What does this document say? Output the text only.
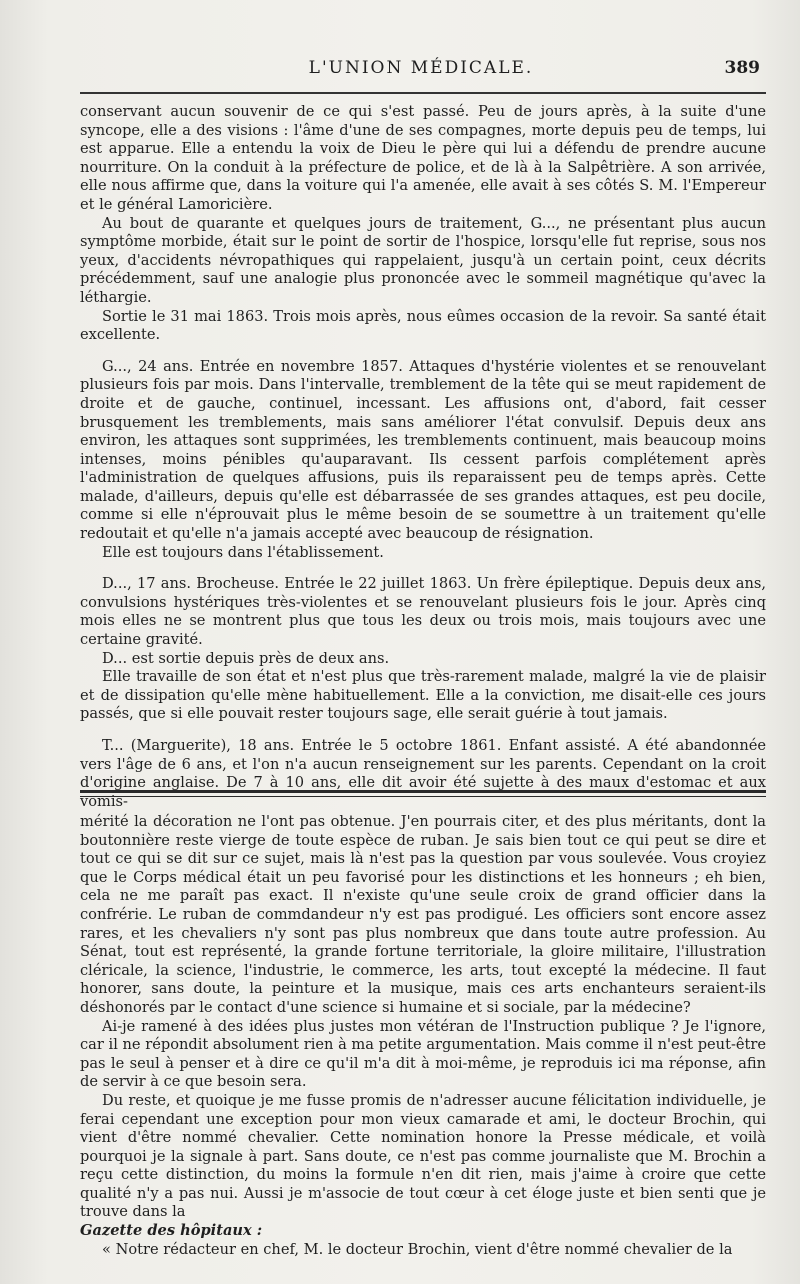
L'UNION MÉDICALE.	389

conservant aucun souvenir de ce qui s'est passé. Peu de jours après, à la suite d'une syncope, elle a des visions : l'âme d'une de ses compagnes, morte depuis peu de temps, lui est apparue. Elle a entendu la voix de Dieu le père qui lui a défendu de prendre aucune nourriture. On la conduit à la préfecture de police, et de là à la Salpêtrière. A son arrivée, elle nous affirme que, dans la voiture qui l'a amenée, elle avait à ses côtés S. M. l'Empereur et le général Lamoricière.

Au bout de quarante et quelques jours de traitement, G..., ne présentant plus aucun symptôme morbide, était sur le point de sortir de l'hospice, lorsqu'elle fut reprise, sous nos yeux, d'accidents névropathiques qui rappelaient, jusqu'à un certain point, ceux décrits précédemment, sauf une analogie plus prononcée avec le sommeil magnétique qu'avec la léthargie.

Sortie le 31 mai 1863. Trois mois après, nous eûmes occasion de la revoir. Sa santé était excellente.

G..., 24 ans. Entrée en novembre 1857. Attaques d'hystérie violentes et se renouvelant plusieurs fois par mois. Dans l'intervalle, tremblement de la tête qui se meut rapidement de droite et de gauche, continuel, incessant. Les affusions ont, d'abord, fait cesser brusquement les tremblements, mais sans améliorer l'état convulsif. Depuis deux ans environ, les attaques sont supprimées, les tremblements continuent, mais beaucoup moins intenses, moins pénibles qu'auparavant. Ils cessent parfois complétement après l'administration de quelques affusions, puis ils reparaissent peu de temps après. Cette malade, d'ailleurs, depuis qu'elle est débarrassée de ses grandes attaques, est peu docile, comme si elle n'éprouvait plus le même besoin de se soumettre à un traitement qu'elle redoutait et qu'elle n'a jamais accepté avec beaucoup de résignation.

Elle est toujours dans l'établissement.

D..., 17 ans. Brocheuse. Entrée le 22 juillet 1863. Un frère épileptique. Depuis deux ans, convulsions hystériques très-violentes et se renouvelant plusieurs fois le jour. Après cinq mois elles ne se montrent plus que tous les deux ou trois mois, mais toujours avec une certaine gravité.

D... est sortie depuis près de deux ans.

Elle travaille de son état et n'est plus que très-rarement malade, malgré la vie de plaisir et de dissipation qu'elle mène habituellement. Elle a la conviction, me disait-elle ces jours passés, que si elle pouvait rester toujours sage, elle serait guérie à tout jamais.

T... (Marguerite), 18 ans. Entrée le 5 octobre 1861. Enfant assisté. A été abandonnée vers l'âge de 6 ans, et l'on n'a aucun renseignement sur les parents. Cependant on la croit d'origine anglaise. De 7 à 10 ans, elle dit avoir été sujette à des maux d'estomac et aux vomis-

mérité la décoration ne l'ont pas obtenue. J'en pourrais citer, et des plus méritants, dont la boutonnière reste vierge de toute espèce de ruban. Je sais bien tout ce qui peut se dire et tout ce qui se dit sur ce sujet, mais là n'est pas la question par vous soulevée. Vous croyiez que le Corps médical était un peu favorisé pour les distinctions et les honneurs ; eh bien, cela ne me paraît pas exact. Il n'existe qu'une seule croix de grand officier dans la confrérie. Le ruban de commdandeur n'y est pas prodigué. Les officiers sont encore assez rares, et les chevaliers n'y sont pas plus nombreux que dans toute autre profession. Au Sénat, tout est représenté, la grande fortune territoriale, la gloire militaire, l'illustration cléricale, la science, l'industrie, le commerce, les arts, tout excepté la médecine. Il faut honorer, sans doute, la peinture et la musique, mais ces arts enchanteurs seraient-ils déshonorés par le contact d'une science si humaine et si sociale, par la médecine?

Ai-je ramené à des idées plus justes mon vétéran de l'Instruction publique ? Je l'ignore, car il ne répondit absolument rien à ma petite argumentation. Mais comme il n'est peut-être pas le seul à penser et à dire ce qu'il m'a dit à moi-même, je reproduis ici ma réponse, afin de servir à ce que besoin sera.

Du reste, et quoique je me fusse promis de n'adresser aucune félicitation individuelle, je ferai cependant une exception pour mon vieux camarade et ami, le docteur Brochin, qui vient d'être nommé chevalier. Cette nomination honore la Presse médicale, et voilà pourquoi je la signale à part. Sans doute, ce n'est pas comme journaliste que M. Brochin a reçu cette distinction, du moins la formule n'en dit rien, mais j'aime à croire que cette qualité n'y a pas nui. Aussi je m'associe de tout cœur à cet éloge juste et bien senti que je trouve dans la

Gazette des hôpitaux :

« Notre rédacteur en chef, M. le docteur Brochin, vient d'être nommé chevalier de la
